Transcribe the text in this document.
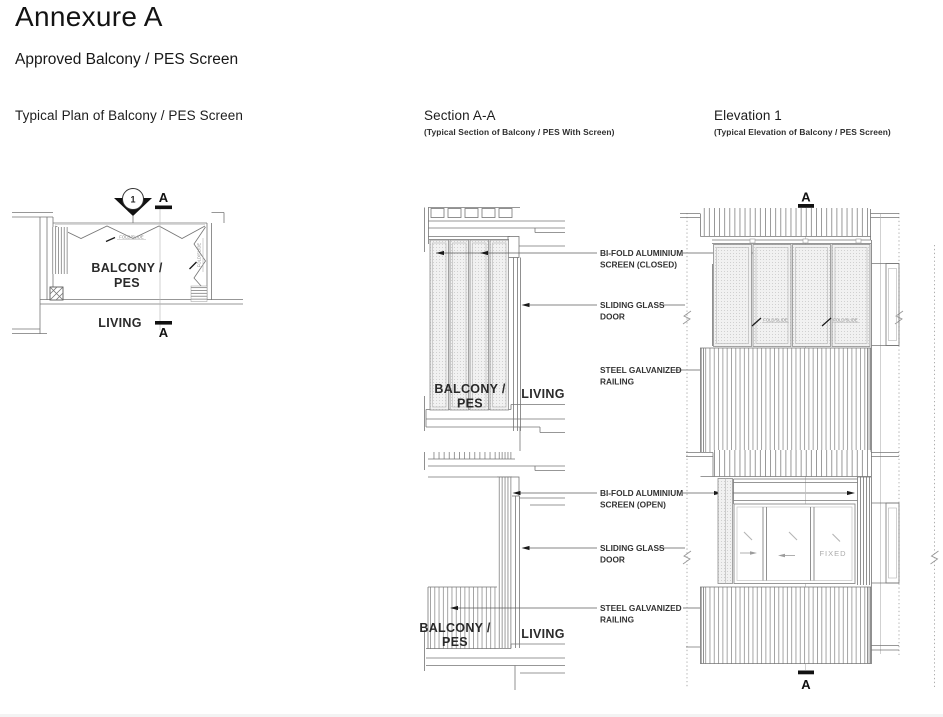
Annexure A
Approved Balcony / PES Screen
Typical Plan of Balcony / PES Screen	Section A-A
(Typical Section of Balcony / PES With Screen)
Elevation 1
(Typical Elevation of Balcony / PES Screen)
FOLD/SLIDE
FOLD/SLIDE
1 A
A
BALCONY /
PES
LIVING
BALCONY /
PES
LIVING
BALCONY /
PES
LIVING
BI-FOLD ALUMINIUM
SCREEN (CLOSED)
SLIDING GLASS
DOOR
STEEL GALVANIZED
RAILING
BI-FOLD ALUMINIUM
SCREEN (OPEN)
SLIDING GLASS
DOOR
STEEL GALVANIZED
RAILING
FOLD/SLIDE	FOLD/SLIDE
FIXED
A
A
